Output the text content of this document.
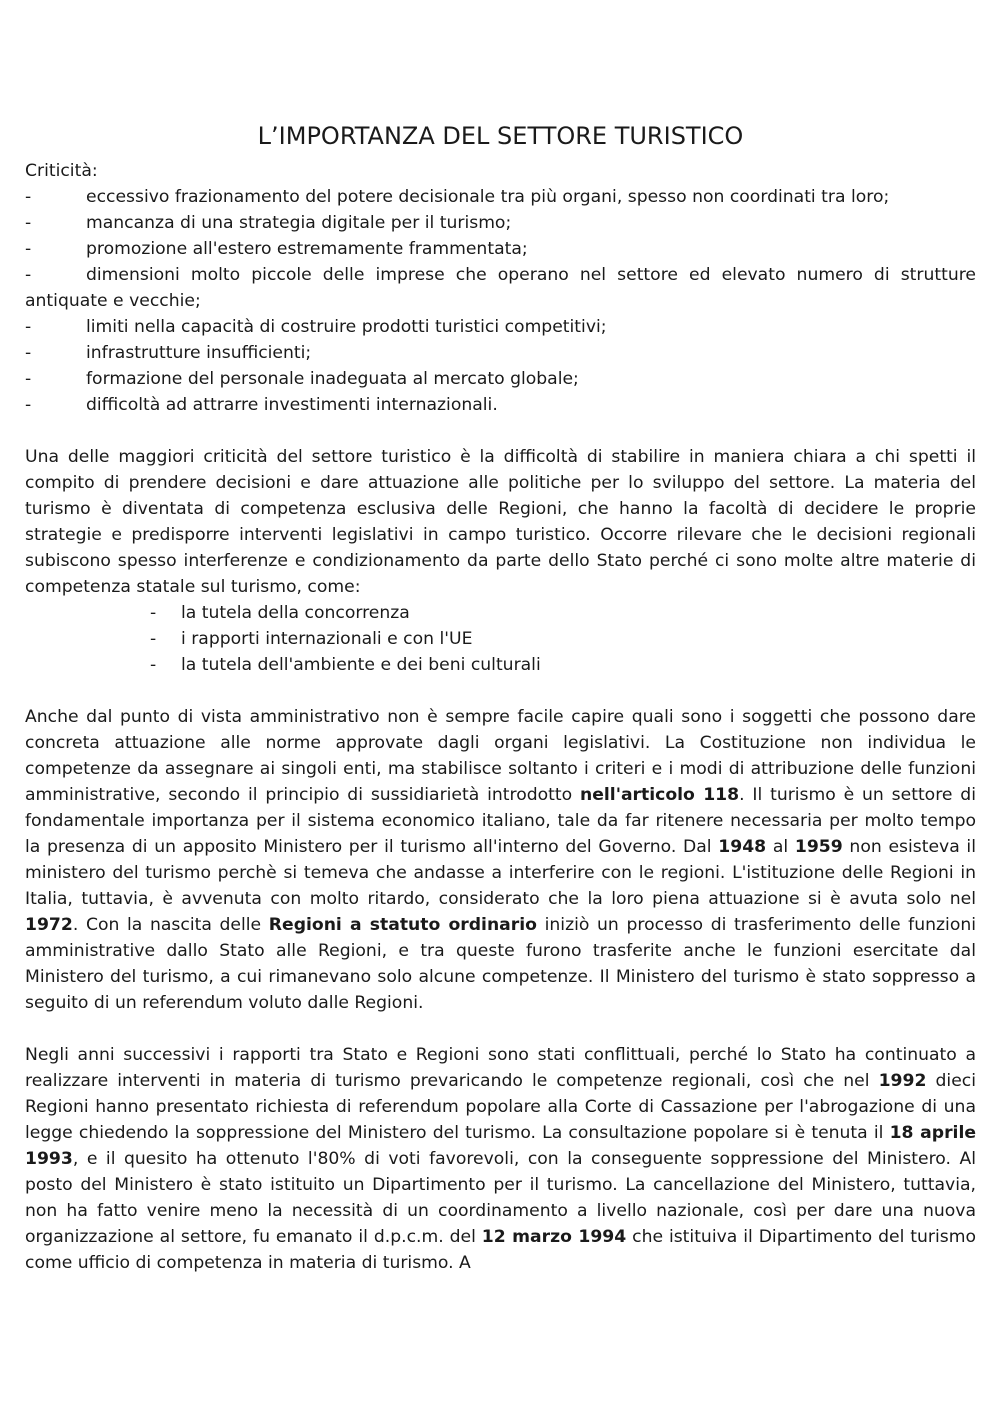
L’IMPORTANZA DEL SETTORE TURISTICO

Criticità:

-	eccessivo frazionamento del potere decisionale tra più organi, spesso non coordinati tra loro;
-	mancanza di una strategia digitale per il turismo;
-	promozione all'estero estremamente frammentata;
-	dimensioni molto piccole delle imprese che operano nel settore ed elevato numero di strutture antiquate e vecchie;
-	limiti nella capacità di costruire prodotti turistici competitivi;
-	infrastrutture insufficienti;
-	formazione del personale inadeguata al mercato globale;
-	difficoltà ad attrarre investimenti internazionali.

Una delle maggiori criticità del settore turistico è la difficoltà di stabilire in maniera chiara a chi spetti il compito di prendere decisioni e dare attuazione alle politiche per lo sviluppo del settore. La materia del turismo è diventata di competenza esclusiva delle Regioni, che hanno la facoltà di decidere le proprie strategie e predisporre interventi legislativi in campo turistico. Occorre rilevare che le decisioni regionali subiscono spesso interferenze e condizionamento da parte dello Stato perché ci sono molte altre materie di competenza statale sul turismo, come:

-	la tutela della concorrenza
-	i rapporti internazionali e con l'UE
-	la tutela dell'ambiente e dei beni culturali

Anche dal punto di vista amministrativo non è sempre facile capire quali sono i soggetti che possono dare concreta attuazione alle norme approvate dagli organi legislativi. La Costituzione non individua le competenze da assegnare ai singoli enti, ma stabilisce soltanto i criteri e i modi di attribuzione delle funzioni amministrative, secondo il principio di sussidiarietà introdotto nell'articolo 118. Il turismo è un settore di fondamentale importanza per il sistema economico italiano, tale da far ritenere necessaria per molto tempo la presenza di un apposito Ministero per il turismo all'interno del Governo. Dal 1948 al 1959 non esisteva il ministero del turismo perchè si temeva che andasse a interferire con le regioni. L'istituzione delle Regioni in Italia, tuttavia, è avvenuta con molto ritardo, considerato che la loro piena attuazione si è avuta solo nel 1972. Con la nascita delle Regioni a statuto ordinario iniziò un processo di trasferimento delle funzioni amministrative dallo Stato alle Regioni, e tra queste furono trasferite anche le funzioni esercitate dal Ministero del turismo, a cui rimanevano solo alcune competenze. Il Ministero del turismo è stato soppresso a seguito di un referendum voluto dalle Regioni.

Negli anni successivi i rapporti tra Stato e Regioni sono stati conflittuali, perché lo Stato ha continuato a realizzare interventi in materia di turismo prevaricando le competenze regionali, così che nel 1992 dieci Regioni hanno presentato richiesta di referendum popolare alla Corte di Cassazione per l'abrogazione di una legge chiedendo la soppressione del Ministero del turismo. La consultazione popolare si è tenuta il 18 aprile 1993, e il quesito ha ottenuto l'80% di voti favorevoli, con la conseguente soppressione del Ministero. Al posto del Ministero è stato istituito un Dipartimento per il turismo. La cancellazione del Ministero, tuttavia, non ha fatto venire meno la necessità di un coordinamento a livello nazionale, così per dare una nuova organizzazione al settore, fu emanato il d.p.c.m. del 12 marzo 1994 che istituiva il Dipartimento del turismo come ufficio di competenza in materia di turismo. A
